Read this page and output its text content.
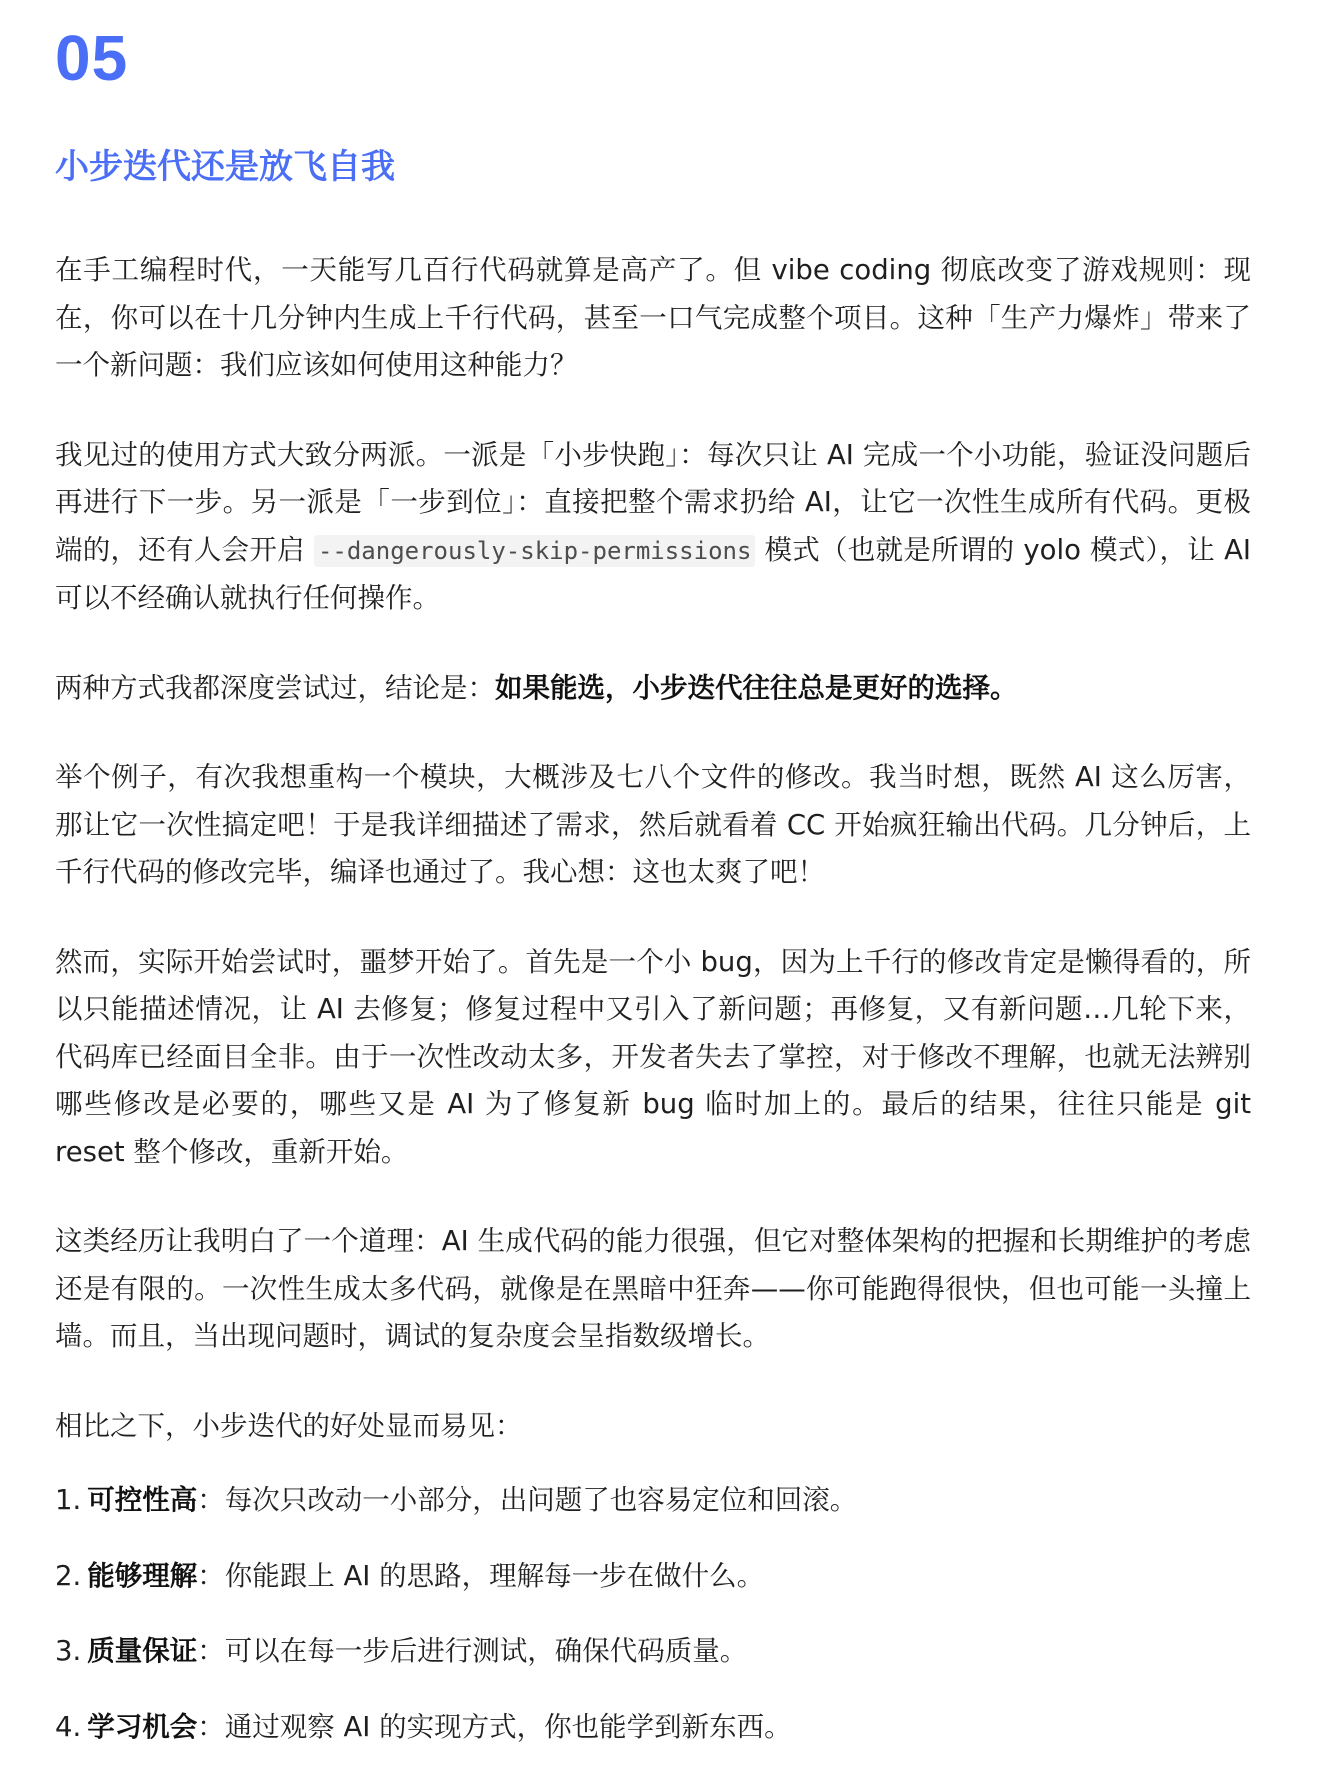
05
小步迭代还是放飞自我

在手工编程时代，一天能写几百行代码就算是高产了。但 vibe coding 彻底改变了游戏规则：现在，你可以在十几分钟内生成上千行代码，甚至一口气完成整个项目。这种「生产力爆炸」带来了一个新问题：我们应该如何使用这种能力？

我见过的使用方式大致分两派。一派是「小步快跑」：每次只让 AI 完成一个小功能，验证没问题后再进行下一步。另一派是「一步到位」：直接把整个需求扔给 AI，让它一次性生成所有代码。更极端的，还有人会开启 --dangerously-skip-permissions 模式（也就是所谓的 yolo 模式），让 AI 可以不经确认就执行任何操作。

两种方式我都深度尝试过，结论是：如果能选，小步迭代往往总是更好的选择。

举个例子，有次我想重构一个模块，大概涉及七八个文件的修改。我当时想，既然 AI 这么厉害，那让它一次性搞定吧！于是我详细描述了需求，然后就看着 CC 开始疯狂输出代码。几分钟后，上千行代码的修改完毕，编译也通过了。我心想：这也太爽了吧！

然而，实际开始尝试时，噩梦开始了。首先是一个小 bug，因为上千行的修改肯定是懒得看的，所以只能描述情况，让 AI 去修复；修复过程中又引入了新问题；再修复，又有新问题…几轮下来，代码库已经面目全非。由于一次性改动太多，开发者失去了掌控，对于修改不理解，也就无法辨别哪些修改是必要的，哪些又是 AI 为了修复新 bug 临时加上的。最后的结果，往往只能是 git reset 整个修改，重新开始。

这类经历让我明白了一个道理：AI 生成代码的能力很强，但它对整体架构的把握和长期维护的考虑还是有限的。一次性生成太多代码，就像是在黑暗中狂奔——你可能跑得很快，但也可能一头撞上墙。而且，当出现问题时，调试的复杂度会呈指数级增长。

相比之下，小步迭代的好处显而易见：

1. 可控性高：每次只改动一小部分，出问题了也容易定位和回滚。
2. 能够理解：你能跟上 AI 的思路，理解每一步在做什么。
3. 质量保证：可以在每一步后进行测试，确保代码质量。
4. 学习机会：通过观察 AI 的实现方式，你也能学到新东西。
